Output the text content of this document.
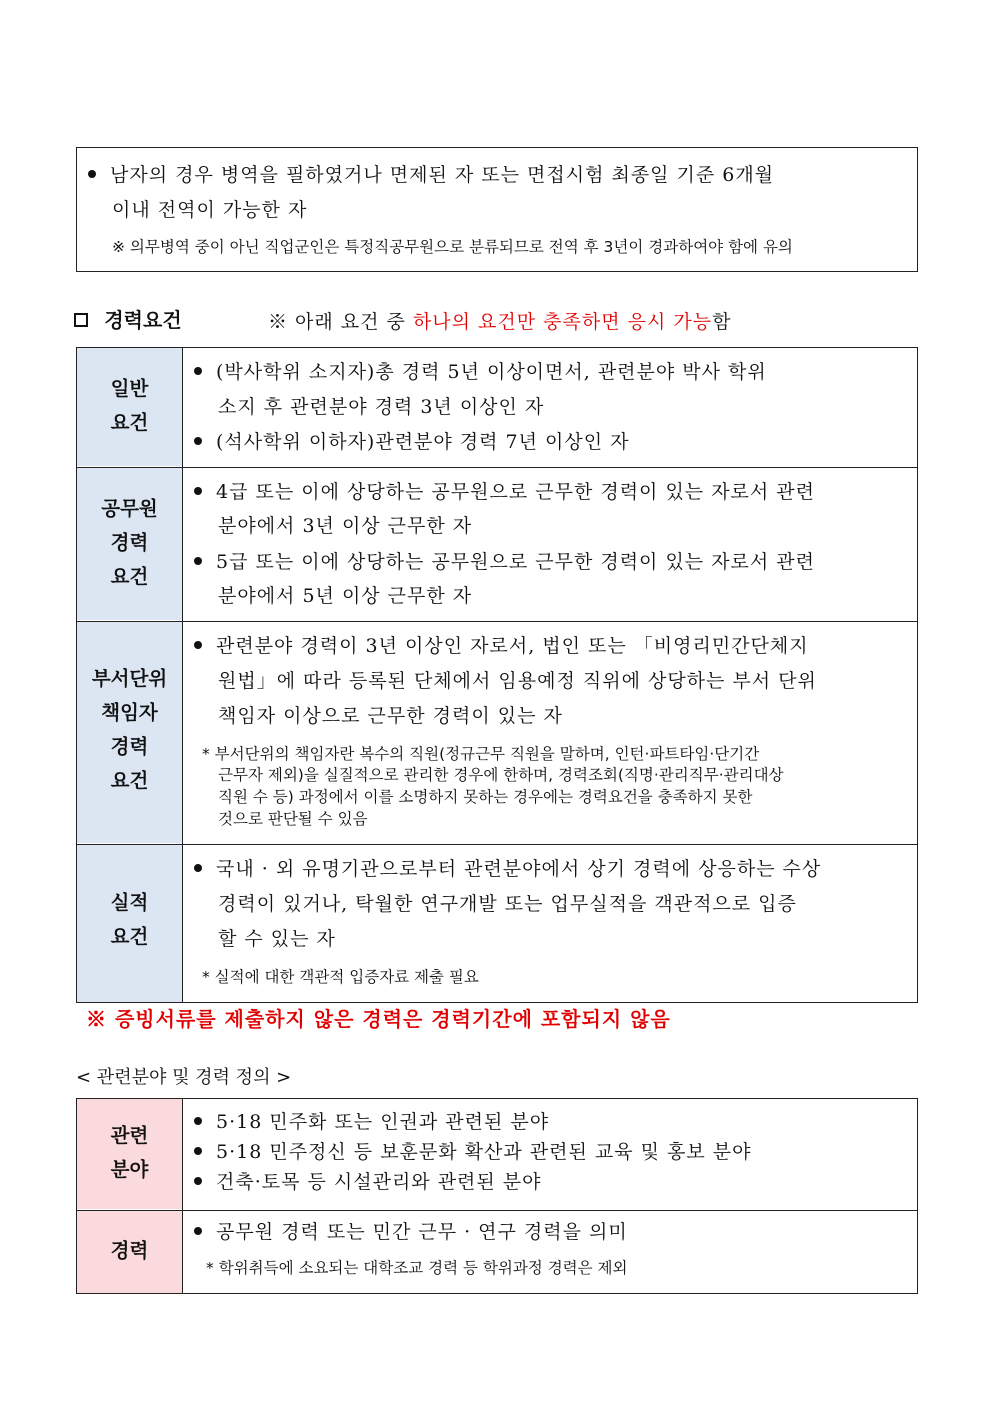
남자의 경우 병역을 필하였거나 면제된 자 또는 면접시험 최종일 기준 6개월
이내 전역이 가능한 자
※ 의무병역 중이 아닌 직업군인은 특정직공무원으로 분류되므로 전역 후 3년이 경과하여야 함에 유의
경력요건	※ 아래 요건 중 하나의 요건만 충족하면 응시 가능함
일반
요건
(박사학위 소지자)총 경력 5년 이상이면서, 관련분야 박사 학위
소지 후 관련분야 경력 3년 이상인 자
(석사학위 이하자)관련분야 경력 7년 이상인 자
공무원
경력
요건
4급 또는 이에 상당하는 공무원으로 근무한 경력이 있는 자로서 관련
분야에서 3년 이상 근무한 자
5급 또는 이에 상당하는 공무원으로 근무한 경력이 있는 자로서 관련
분야에서 5년 이상 근무한 자
부서단위
책임자
경력
요건
관련분야 경력이 3년 이상인 자로서, 법인 또는 「비영리민간단체지
원법」에 따라 등록된 단체에서 임용예정 직위에 상당하는 부서 단위
책임자 이상으로 근무한 경력이 있는 자
* 부서단위의 책임자란 복수의 직원(정규근무 직원을 말하며, 인턴·파트타임·단기간
근무자 제외)을 실질적으로 관리한 경우에 한하며, 경력조회(직명·관리직무·관리대상
직원 수 등) 과정에서 이를 소명하지 못하는 경우에는 경력요건을 충족하지 못한
것으로 판단될 수 있음
실적
요건
국내 · 외 유명기관으로부터 관련분야에서 상기 경력에 상응하는 수상
경력이 있거나, 탁월한 연구개발 또는 업무실적을 객관적으로 입증
할 수 있는 자
* 실적에 대한 객관적 입증자료 제출 필요
※ 증빙서류를 제출하지 않은 경력은 경력기간에 포함되지 않음
< 관련분야 및 경력 정의 >
관련
분야
5·18 민주화 또는 인권과 관련된 분야
5·18 민주정신 등 보훈문화 확산과 관련된 교육 및 홍보 분야
건축·토목 등 시설관리와 관련된 분야
경력
공무원 경력 또는 민간 근무 · 연구 경력을 의미
* 학위취득에 소요되는 대학조교 경력 등 학위과정 경력은 제외
